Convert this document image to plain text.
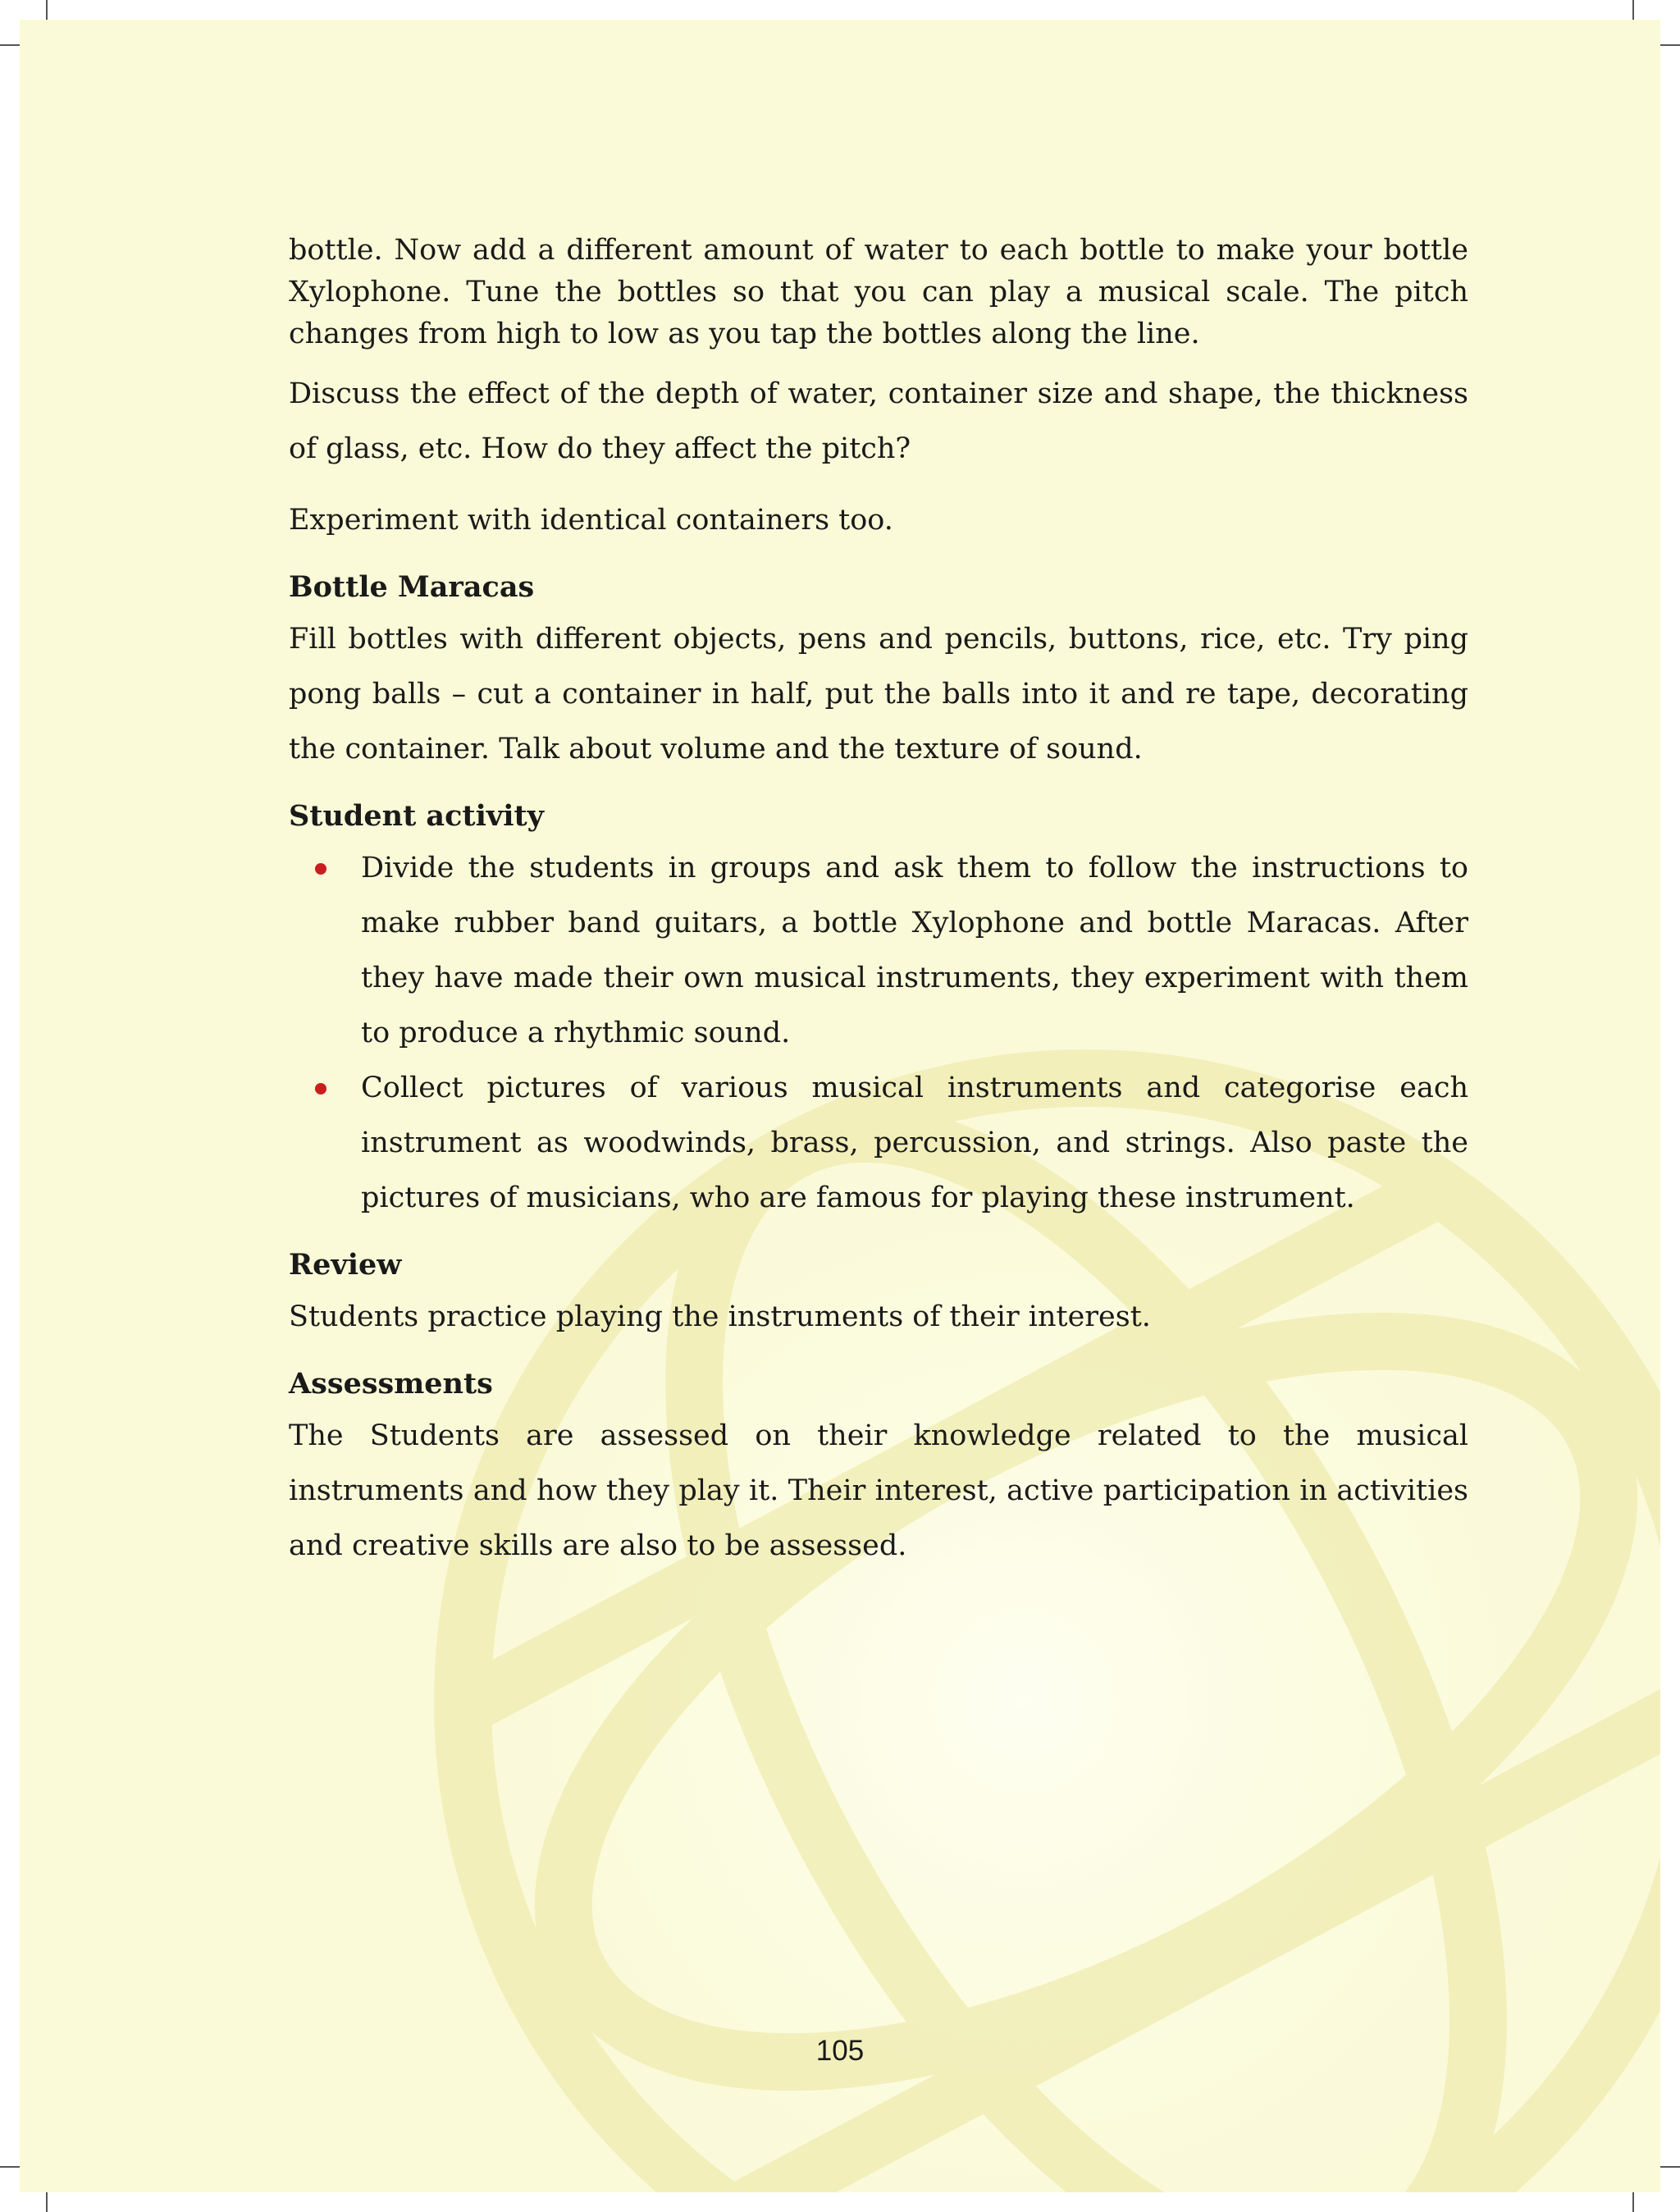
bottle. Now add a different amount of water to each bottle to make your bottle Xylophone. Tune the bottles so that you can play a musical scale. The pitch changes from high to low as you tap the bottles along the line.

Discuss the effect of the depth of water, container size and shape, the thickness of glass, etc. How do they affect the pitch?

Experiment with identical containers too.

Bottle Maracas

Fill bottles with different objects, pens and pencils, buttons, rice, etc. Try ping pong balls – cut a container in half, put the balls into it and re tape, decorating the container. Talk about volume and the texture of sound.

Student activity
Divide the students in groups and ask them to follow the instructions to make rubber band guitars, a bottle Xylophone and bottle Maracas. After they have made their own musical instruments, they experiment with them to produce a rhythmic sound.
Collect pictures of various musical instruments and categorise each instrument as woodwinds, brass, percussion, and strings. Also paste the pictures of musicians, who are famous for playing these instrument.
Review

Students practice playing the instruments of their interest.

Assessments

The Students are assessed on their knowledge related to the musical instruments and how they play it. Their interest, active participation in activities and creative skills are also to be assessed.

105
